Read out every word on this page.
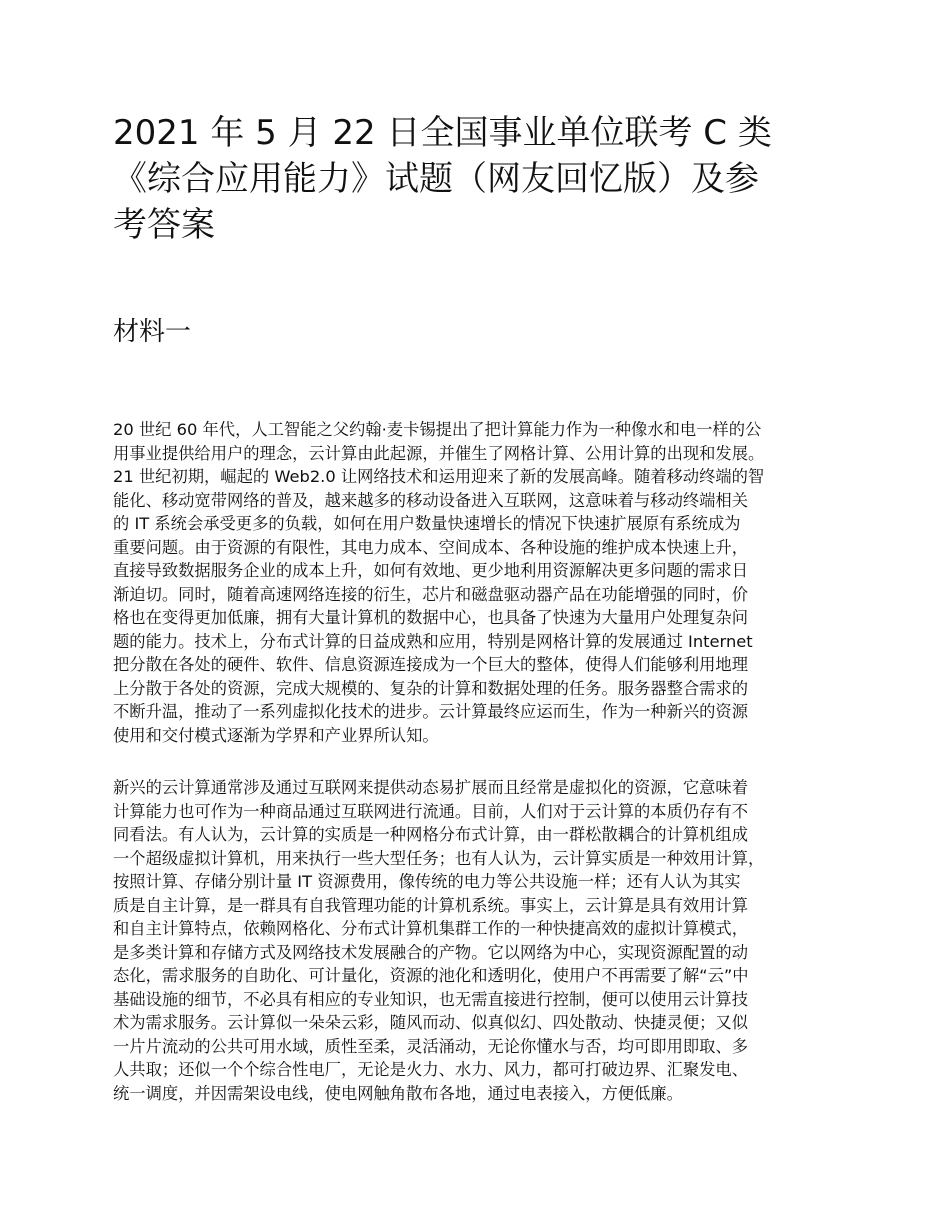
2021 年 5 月 22 日全国事业单位联考 C 类
《综合应用能力》试题（网友回忆版）及参
考答案
材料一

20 世纪 60 年代，人工智能之父约翰·麦卡锡提出了把计算能力作为一种像水和电一样的公
用事业提供给用户的理念，云计算由此起源，并催生了网格计算、公用计算的出现和发展。
21 世纪初期，崛起的 Web2.0 让网络技术和运用迎来了新的发展高峰。随着移动终端的智
能化、移动宽带网络的普及，越来越多的移动设备进入互联网，这意味着与移动终端相关
的 IT 系统会承受更多的负载，如何在用户数量快速增长的情况下快速扩展原有系统成为
重要问题。由于资源的有限性，其电力成本、空间成本、各种设施的维护成本快速上升，
直接导致数据服务企业的成本上升，如何有效地、更少地利用资源解决更多问题的需求日
渐迫切。同时，随着高速网络连接的衍生，芯片和磁盘驱动器产品在功能增强的同时，价
格也在变得更加低廉，拥有大量计算机的数据中心，也具备了快速为大量用户处理复杂问
题的能力。技术上，分布式计算的日益成熟和应用，特别是网格计算的发展通过 Internet
把分散在各处的硬件、软件、信息资源连接成为一个巨大的整体，使得人们能够利用地理
上分散于各处的资源，完成大规模的、复杂的计算和数据处理的任务。服务器整合需求的
不断升温，推动了一系列虚拟化技术的进步。云计算最终应运而生，作为一种新兴的资源
使用和交付模式逐渐为学界和产业界所认知。

新兴的云计算通常涉及通过互联网来提供动态易扩展而且经常是虚拟化的资源，它意味着
计算能力也可作为一种商品通过互联网进行流通。目前，人们对于云计算的本质仍存有不
同看法。有人认为，云计算的实质是一种网格分布式计算，由一群松散耦合的计算机组成
一个超级虚拟计算机，用来执行一些大型任务；也有人认为，云计算实质是一种效用计算，
按照计算、存储分别计量 IT 资源费用，像传统的电力等公共设施一样；还有人认为其实
质是自主计算，是一群具有自我管理功能的计算机系统。事实上，云计算是具有效用计算
和自主计算特点，依赖网格化、分布式计算机集群工作的一种快捷高效的虚拟计算模式，
是多类计算和存储方式及网络技术发展融合的产物。它以网络为中心，实现资源配置的动
态化，需求服务的自助化、可计量化，资源的池化和透明化，使用户不再需要了解“云”中
基础设施的细节，不必具有相应的专业知识，也无需直接进行控制，便可以使用云计算技
术为需求服务。云计算似一朵朵云彩，随风而动、似真似幻、四处散动、快捷灵便；又似
一片片流动的公共可用水域，质性至柔，灵活涌动，无论你懂水与否，均可即用即取、多
人共取；还似一个个综合性电厂，无论是火力、水力、风力，都可打破边界、汇聚发电、
统一调度，并因需架设电线，使电网触角散布各地，通过电表接入，方便低廉。
